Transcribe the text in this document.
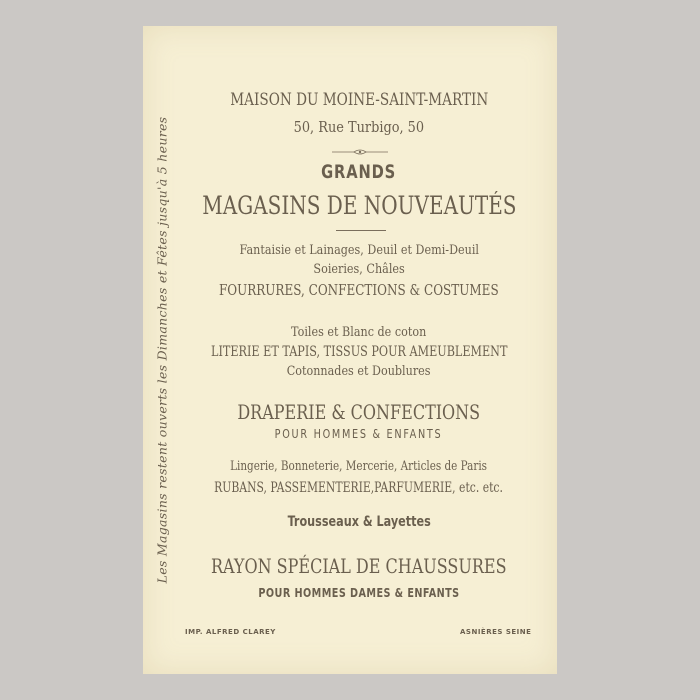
Les Magasins restent ouverts les Dimanches et Fêtes jusqu'à 5 heures
MAISON DU MOINE-SAINT-MARTIN
50, Rue Turbigo, 50
GRANDS
MAGASINS DE NOUVEAUTÉS
Fantaisie et Lainages, Deuil et Demi-Deuil
Soieries, Châles
FOURRURES, CONFECTIONS & COSTUMES
Toiles et Blanc de coton
LITERIE ET TAPIS, TISSUS POUR AMEUBLEMENT
Cotonnades et Doublures
DRAPERIE & CONFECTIONS
POUR HOMMES & ENFANTS
Lingerie, Bonneterie, Mercerie, Articles de Paris
RUBANS, PASSEMENTERIE,PARFUMERIE, etc. etc.
Trousseaux & Layettes
RAYON SPÉCIAL DE CHAUSSURES
POUR HOMMES DAMES & ENFANTS
IMP. ALFRED CLAREY	ASNIÈRES SEINE
